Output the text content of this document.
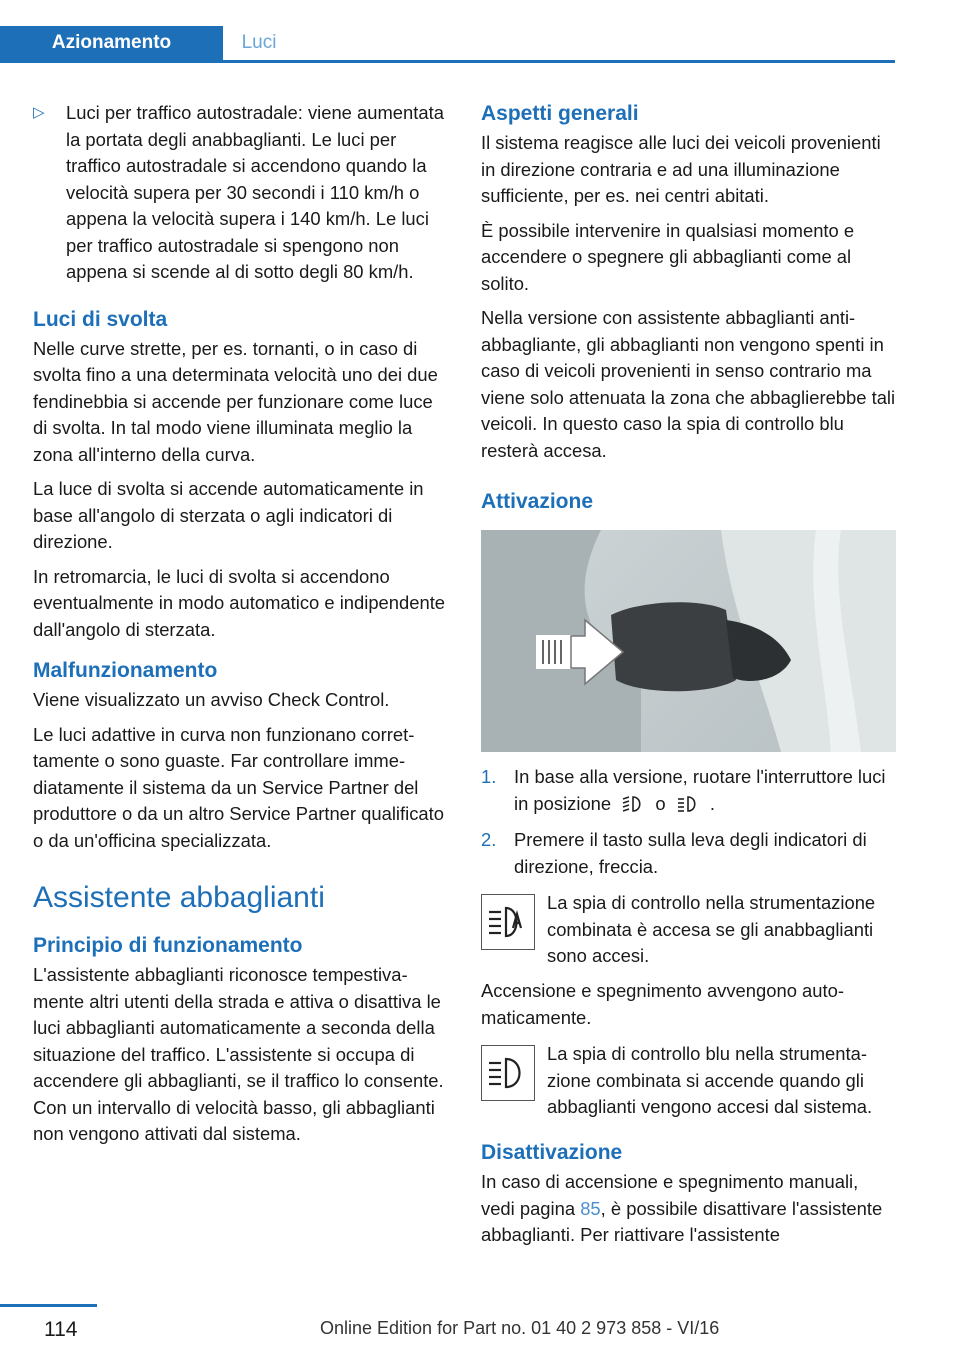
Azionamento	Luci
▷ Luci per traffico autostradale: viene aumentata la portata degli anabbaglianti. Le luci per traffico autostradale si accendono quando la velocità supera per 30 secondi i 110 km/h o appena la velocità supera i 140 km/h. Le luci per traffico autostradale si spengono non appena si scende al di sotto degli 80 km/h.
Luci di svolta

Nelle curve strette, per es. tornanti, o in caso di svolta fino a una determinata velocità uno dei due fendinebbia si accende per funzionare come luce di svolta. In tal modo viene illuminata meglio la zona all'interno della curva.

La luce di svolta si accende automaticamente in base all'angolo di sterzata o agli indicatori di direzione.

In retromarcia, le luci di svolta si accendono eventualmente in modo automatico e indipendente dall'angolo di sterzata.

Malfunzionamento

Viene visualizzato un avviso Check Control.

Le luci adattive in curva non funzionano correttamente o sono guaste. Far controllare immediatamente il sistema da un Service Partner del produttore o da un altro Service Partner qualificato o da un'officina specializzata.

Assistente abbaglianti
Principio di funzionamento

L'assistente abbaglianti riconosce tempestivamente altri utenti della strada e attiva o disattiva le luci abbaglianti automaticamente a seconda della situazione del traffico. L'assistente si occupa di accendere gli abbaglianti, se il traffico lo consente. Con un intervallo di velocità basso, gli abbaglianti non vengono attivati dal sistema.

Aspetti generali

Il sistema reagisce alle luci dei veicoli provenienti in direzione contraria e ad una illuminazione sufficiente, per es. nei centri abitati.

È possibile intervenire in qualsiasi momento e accendere o spegnere gli abbaglianti come al solito.

Nella versione con assistente abbaglianti antiabbagliante, gli abbaglianti non vengono spenti in caso di veicoli provenienti in senso contrario ma viene solo attenuata la zona che abbaglierebbe tali veicoli. In questo caso la spia di controllo blu resterà accesa.

Attivazione
1. In base alla versione, ruotare l'interruttore luci in posizione o .
2. Premere il tasto sulla leva degli indicatori di direzione, freccia.

La spia di controllo nella strumentazione combinata è accesa se gli anabbaglianti sono accesi.

Accensione e spegnimento avvengono automaticamente.

La spia di controllo blu nella strumentazione combinata si accende quando gli abbaglianti vengono accesi dal sistema.

Disattivazione

In caso di accensione e spegnimento manuali, vedi pagina 85, è possibile disattivare l'assistente abbaglianti. Per riattivare l'assistente

114	Online Edition for Part no. 01 40 2 973 858 - VI/16
